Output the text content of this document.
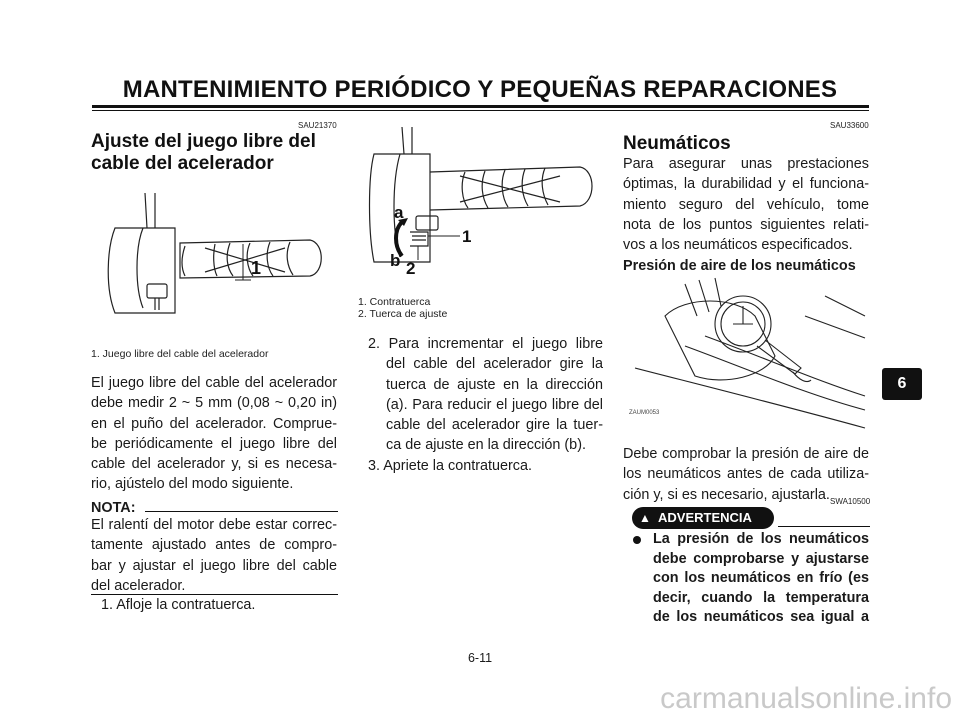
MANTENIMIENTO PERIÓDICO Y PEQUEÑAS REPARACIONES
SAU21370
Ajuste del juego libre del
cable del acelerador
1
1. Juego libre del cable del acelerador
El juego libre del cable del acelerador
debe medir 2 ~ 5 mm (0,08 ~ 0,20 in)
en el puño del acelerador. Comprue-
be periódicamente el juego libre del
cable del acelerador y, si es necesa-
rio, ajústelo del modo siguiente.
NOTA:
El ralentí del motor debe estar correc-
tamente ajustado antes de compro-
bar y ajustar el juego libre del cable
del acelerador.
1. Afloje la contratuerca.
a
b
1
2
1. Contratuerca
2. Tuerca de ajuste
2. Para incrementar el juego libre
del cable del acelerador gire la
tuerca de ajuste en la dirección
(a). Para reducir el juego libre del
cable del acelerador gire la tuer-
ca de ajuste en la dirección (b).
3. Apriete la contratuerca.
SAU33600
Neumáticos
Para asegurar unas prestaciones
óptimas, la durabilidad y el funciona-
miento seguro del vehículo, tome
nota de los puntos siguientes relati-
vos a los neumáticos especificados.
Presión de aire de los neumáticos
ZAUM0053
Debe comprobar la presión de aire de
los neumáticos antes de cada utiliza-
ción y, si es necesario, ajustarla. SWA10500
▲ ADVERTENCIA
La presión de los neumáticos
debe comprobarse y ajustarse
con los neumáticos en frío (es
decir, cuando la temperatura
de los neumáticos sea igual a
6
6-11
carmanualsonline.info
